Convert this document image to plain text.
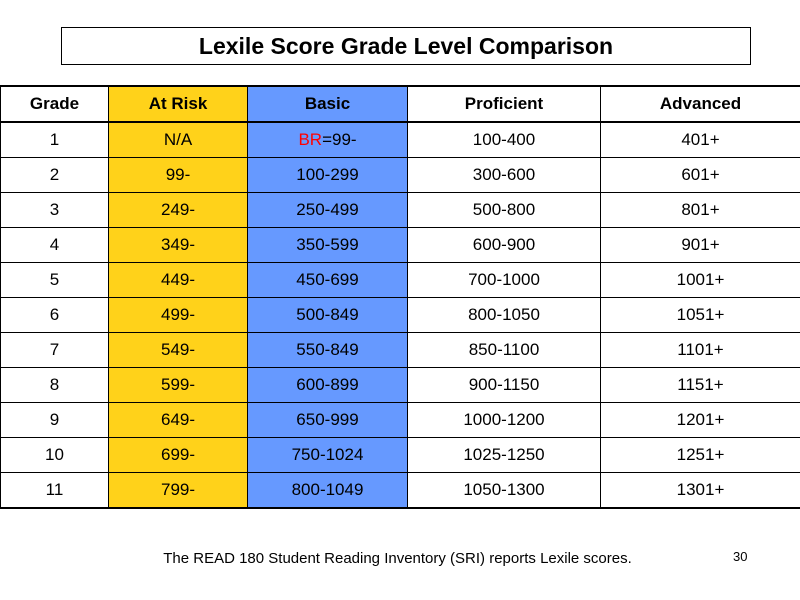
Lexile Score Grade Level Comparison
Grade	At Risk	Basic	Proficient	Advanced
1	N/A	BR=99-	100-400	401+
2	99-	100-299	300-600	601+
3	249-	250-499	500-800	801+
4	349-	350-599	600-900	901+
5	449-	450-699	700-1000	1001+
6	499-	500-849	800-1050	1051+
7	549-	550-849	850-1100	1101+
8	599-	600-899	900-1150	1151+
9	649-	650-999	1000-1200	1201+
10	699-	750-1024	1025-1250	1251+
11	799-	800-1049	1050-1300	1301+
The READ 180 Student Reading Inventory (SRI) reports Lexile scores.	30
